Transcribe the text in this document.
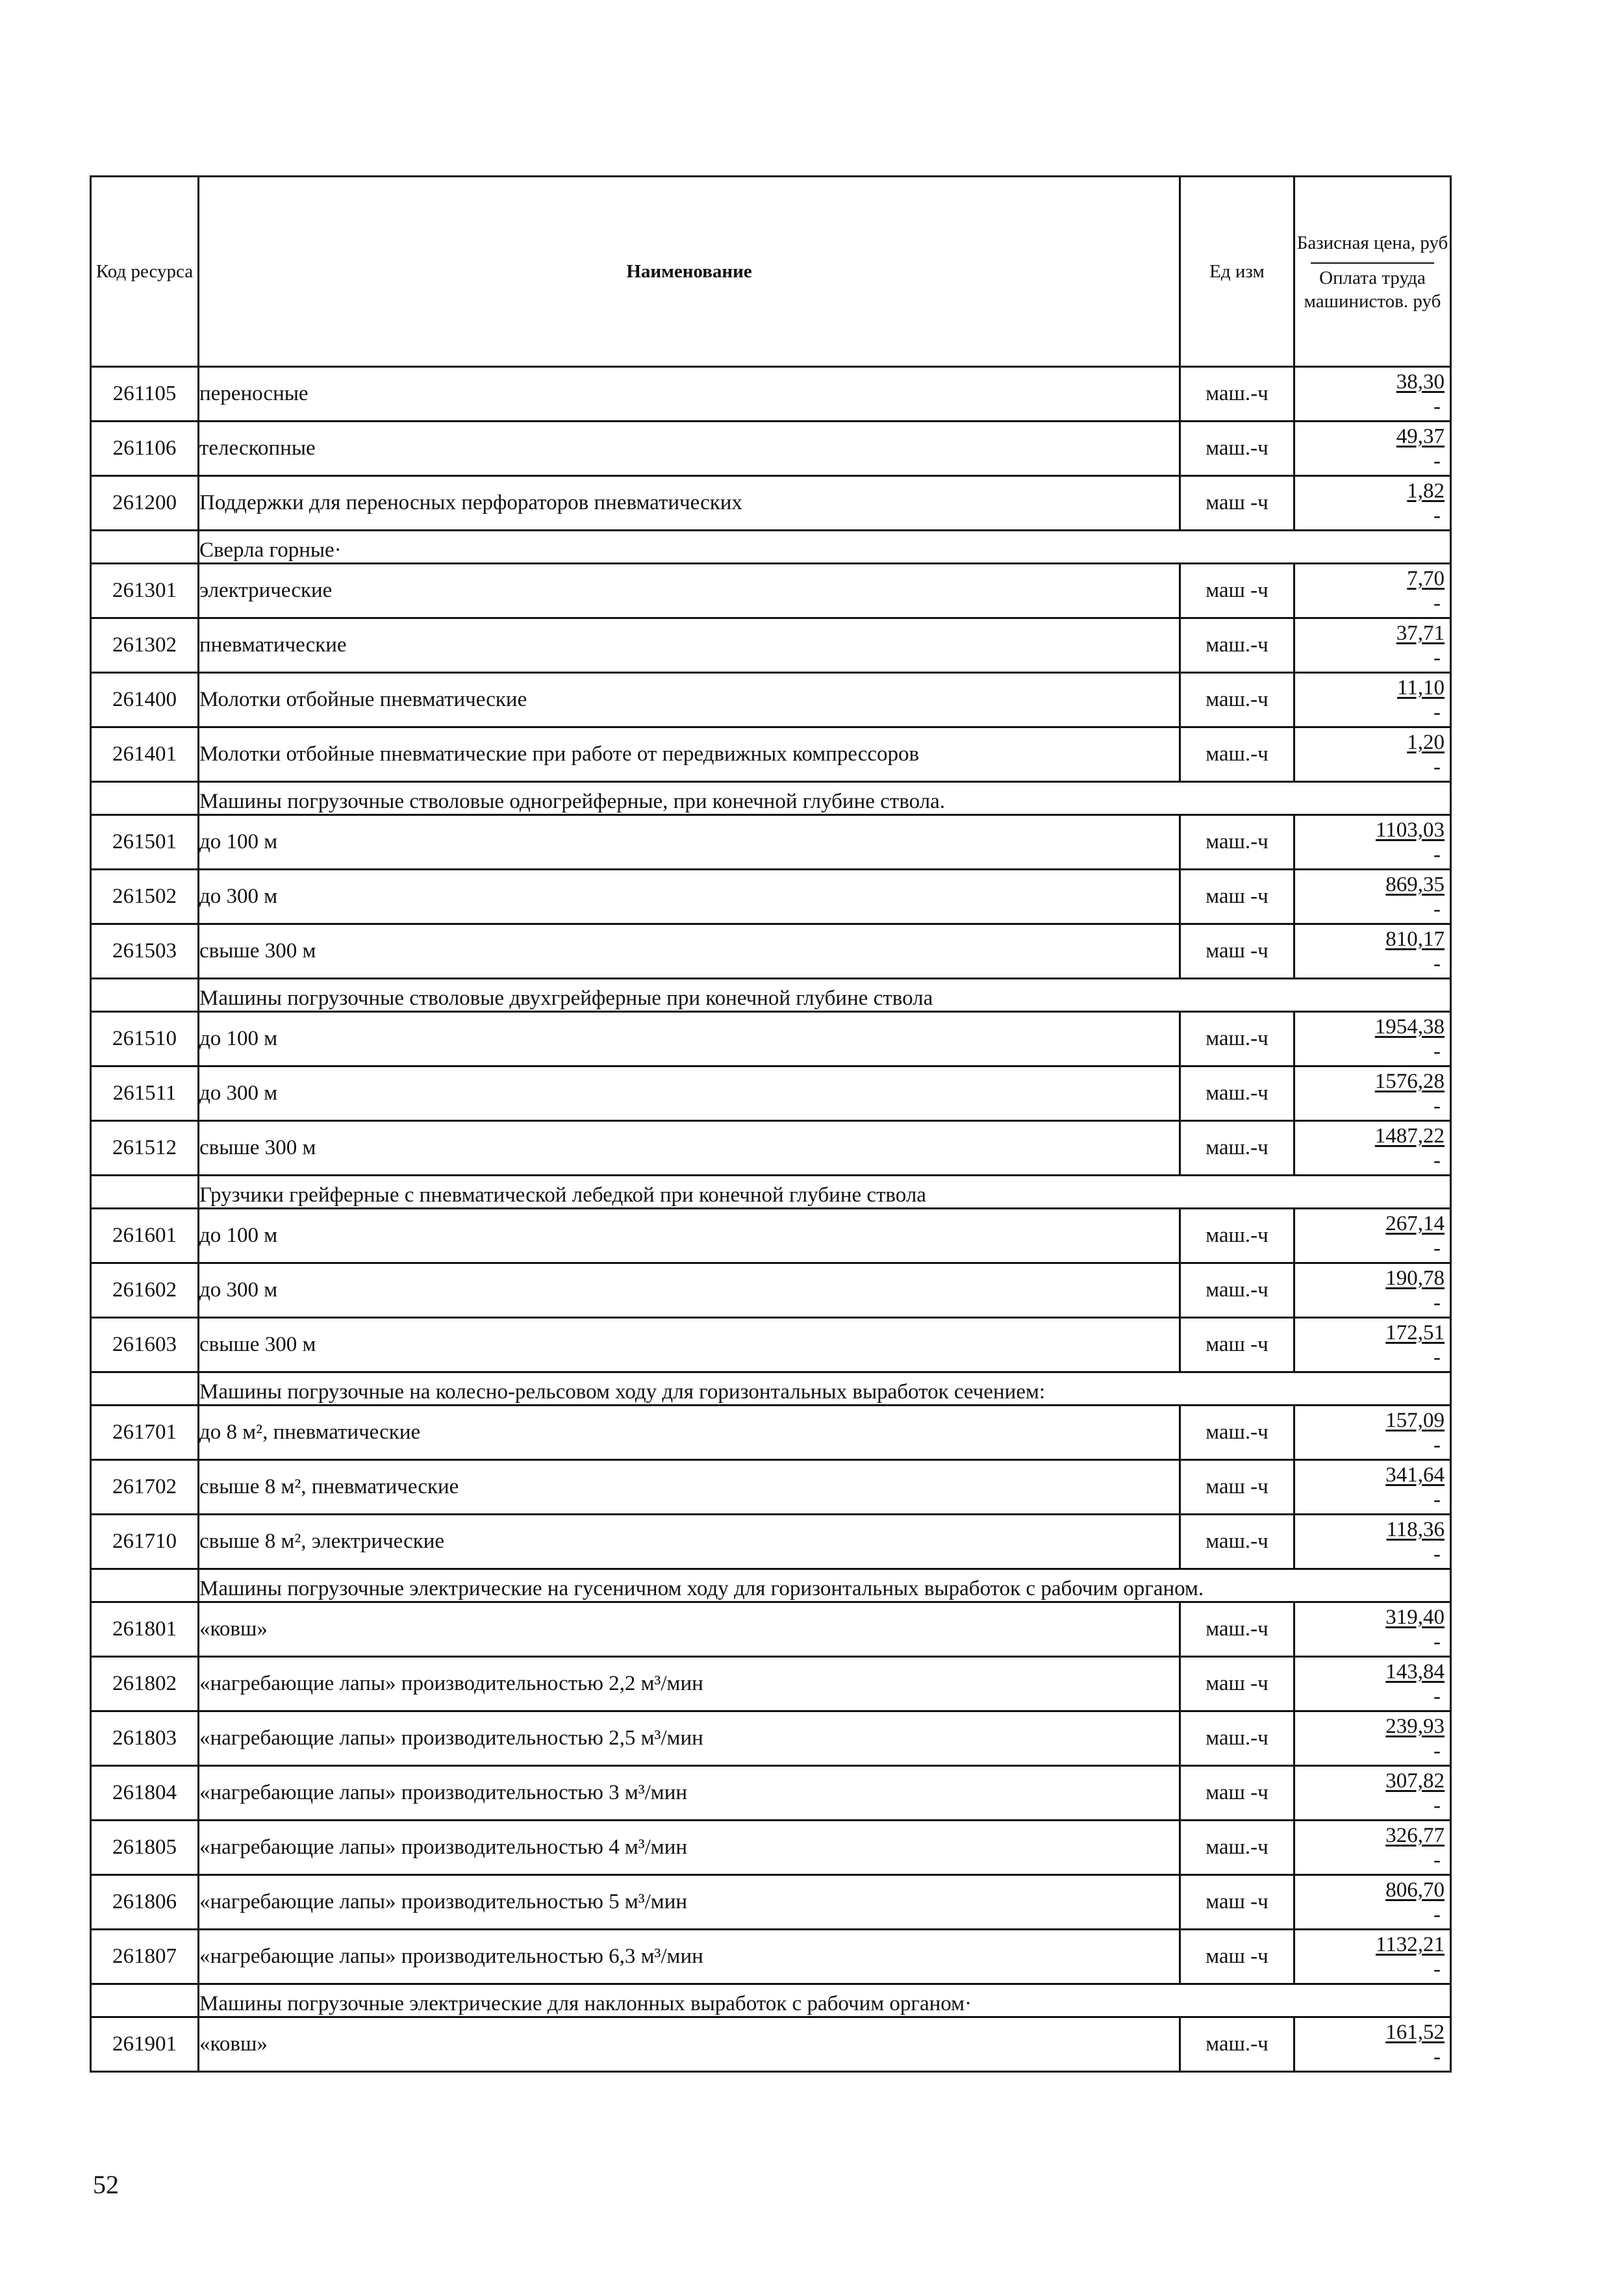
Код ресурса	Наименование	Ед изм	Базисная цена, руб
Оплата труда машинистов. руб

261105	переносные	маш.-ч	38,30
-

261106	телескопные	маш.-ч	49,37
-

261200	Поддержки для переносных перфораторов пневматических	маш -ч	1,82
-

	Сверла горные·		
261301	электрические	маш -ч	7,70
-

261302	пневматические	маш.-ч	37,71
-

261400	Молотки отбойные пневматические	маш.-ч	11,10
-

261401	Молотки отбойные пневматические при работе от передвижных компрессоров	маш.-ч	1,20
-

	Машины погрузочные стволовые одногрейферные, при конечной глубине ствола.		
261501	до 100 м	маш.-ч	1103,03
-

261502	до 300 м	маш -ч	869,35
-

261503	свыше 300 м	маш -ч	810,17
-

	Машины погрузочные стволовые двухгрейферные при конечной глубине ствола		
261510	до 100 м	маш.-ч	1954,38
-

261511	до 300 м	маш.-ч	1576,28
-

261512	свыше 300 м	маш.-ч	1487,22
-

	Грузчики грейферные с пневматической лебедкой при конечной глубине ствола		
261601	до 100 м	маш.-ч	267,14
-

261602	до 300 м	маш.-ч	190,78
-

261603	свыше 300 м	маш -ч	172,51
-

	Машины погрузочные на колесно-рельсовом ходу для горизонтальных выработок сечением:		
261701	до 8 м², пневматические	маш.-ч	157,09
-

261702	свыше 8 м², пневматические	маш -ч	341,64
-

261710	свыше 8 м², электрические	маш.-ч	118,36
-

	Машины погрузочные электрические на гусеничном ходу для горизонтальных выработок с рабочим органом.		
261801	«ковш»	маш.-ч	319,40
-

261802	«нагребающие лапы» производительностью 2,2 м³/мин	маш -ч	143,84
-

261803	«нагребающие лапы» производительностью 2,5 м³/мин	маш.-ч	239,93
-

261804	«нагребающие лапы» производительностью 3 м³/мин	маш -ч	307,82
-

261805	«нагребающие лапы» производительностью 4 м³/мин	маш.-ч	326,77
-

261806	«нагребающие лапы» производительностью 5 м³/мин	маш -ч	806,70
-

261807	«нагребающие лапы» производительностью 6,3 м³/мин	маш -ч	1132,21
-

	Машины погрузочные электрические для наклонных выработок с рабочим органом·		
261901	«ковш»	маш.-ч	161,52
-
52
